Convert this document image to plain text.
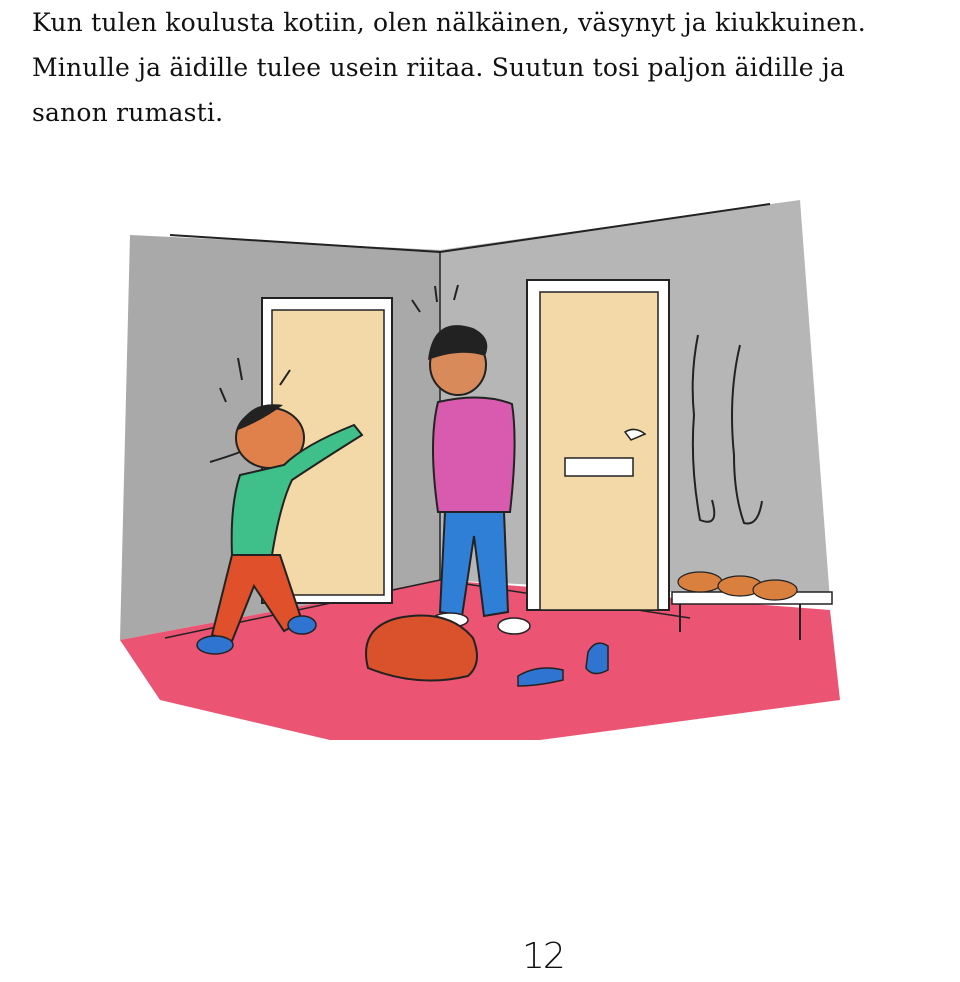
Kun tulen koulusta kotiin, olen nälkäinen, väsynyt ja kiukkuinen.
Minulle ja äidille tulee usein riitaa. Suutun tosi paljon äidille ja
sanon rumasti.

12
